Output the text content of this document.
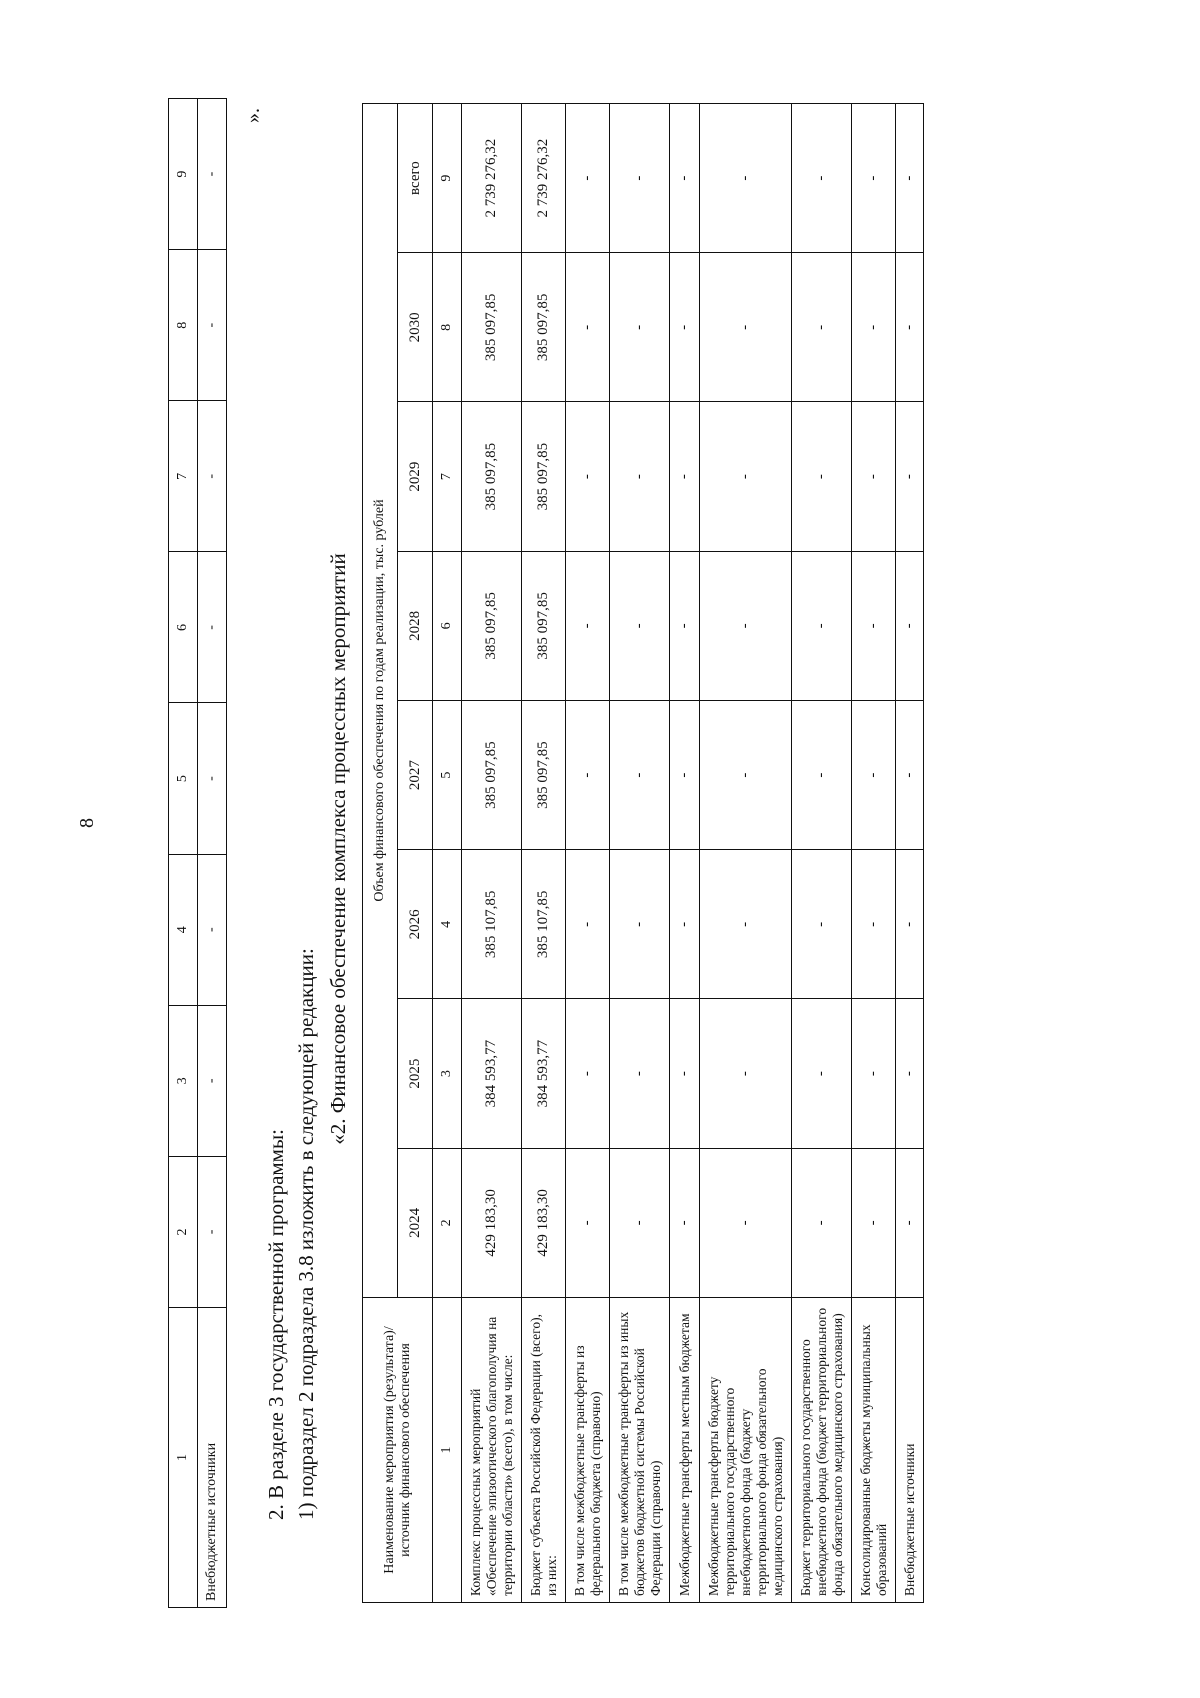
8
1	2	3	4	5	6	7	8	9
Внебюджетные источники	-	-	-	-	-	-	-	-
».
2. В разделе 3 государственной программы: 1) подраздел 2 подраздела 3.8 изложить в следующей редакции:
«2. Финансовое обеспечение комплекса процессных мероприятий
Наименование мероприятия (результата)/источник финансового обеспечения	Объем финансового обеспечения по годам реализации, тыс. рублей							
	2024	2025	2026	2027	2028	2029	2030	всего
1	2	3	4	5	6	7	8	9
Комплекс процессных мероприятий «Обеспечение эпизоотического благополучия на территории области» (всего), в том числе:	429 183,30	384 593,77	385 107,85	385 097,85	385 097,85	385 097,85	385 097,85	2 739 276,32
Бюджет субъекта Российской Федерации (всего), из них:	429 183,30	384 593,77	385 107,85	385 097,85	385 097,85	385 097,85	385 097,85	2 739 276,32
В том числе межбюджетные трансферты из федерального бюджета (справочно)	-	-	-	-	-	-	-	-
В том числе межбюджетные трансферты из иных бюджетов бюджетной системы Российской Федерации (справочно)	-	-	-	-	-	-	-	-
Межбюджетные трансферты местным бюджетам	-	-	-	-	-	-	-	-
Межбюджетные трансферты бюджету территориального государственного внебюджетного фонда (бюджету территориального фонда обязательного медицинского страхования)	-	-	-	-	-	-	-	-
Бюджет территориального государственного внебюджетного фонда (бюджет территориального фонда обязательного медицинского страхования)	-	-	-	-	-	-	-	-
Консолидированные бюджеты муниципальных образований	-	-	-	-	-	-	-	-
Внебюджетные источники	-	-	-	-	-	-	-	-
